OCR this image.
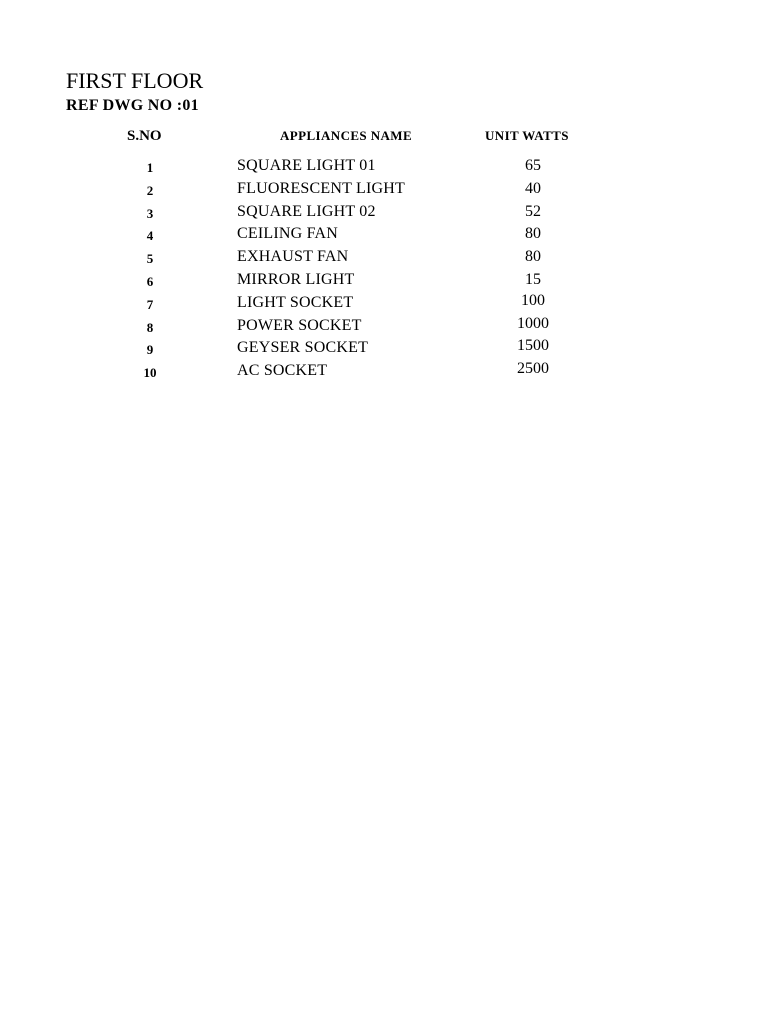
FIRST FLOOR
REF DWG NO :01
S.NO	APPLIANCES NAME	UNIT WATTS
1	SQUARE LIGHT 01	65
2	FLUORESCENT LIGHT	40
3	SQUARE LIGHT 02	52
4	CEILING FAN	80
5	EXHAUST FAN	80
6	MIRROR LIGHT	15
7	LIGHT SOCKET	100
8	POWER SOCKET	1000
9	GEYSER SOCKET	1500
10	AC SOCKET	2500
